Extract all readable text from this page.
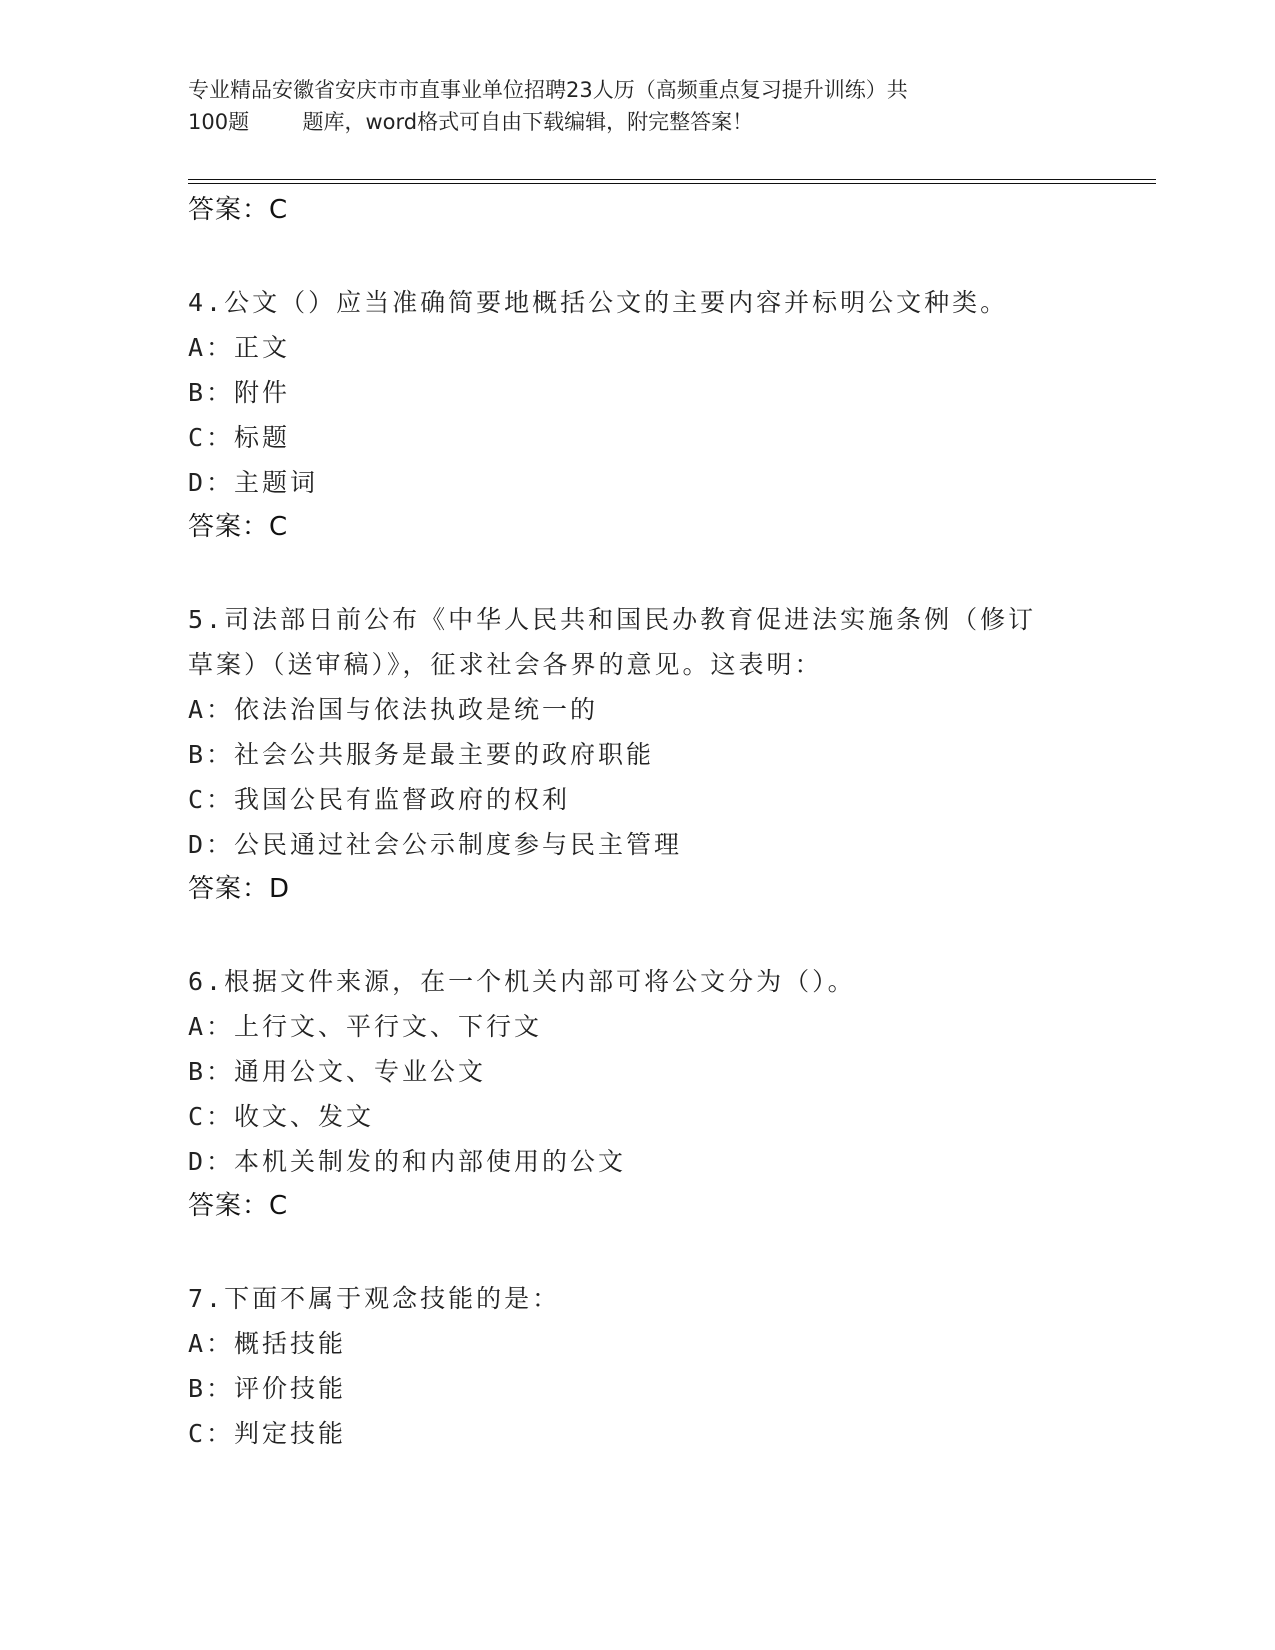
专业精品安徽省安庆市市直事业单位招聘23人历（高频重点复习提升训练）共
100题        题库，word格式可自由下载编辑，附完整答案！
答案：C
4.公文（）应当准确简要地概括公文的主要内容并标明公文种类。
A：正文
B：附件
C：标题
D：主题词
答案：C
5.司法部日前公布《中华人民共和国民办教育促进法实施条例（修订
草案）（送审稿）》，征求社会各界的意见。这表明：
A：依法治国与依法执政是统一的
B：社会公共服务是最主要的政府职能
C：我国公民有监督政府的权利
D：公民通过社会公示制度参与民主管理
答案：D
6.根据文件来源，在一个机关内部可将公文分为（）。
A：上行文、平行文、下行文
B：通用公文、专业公文
C：收文、发文
D：本机关制发的和内部使用的公文
答案：C
7.下面不属于观念技能的是：
A：概括技能
B：评价技能
C：判定技能
